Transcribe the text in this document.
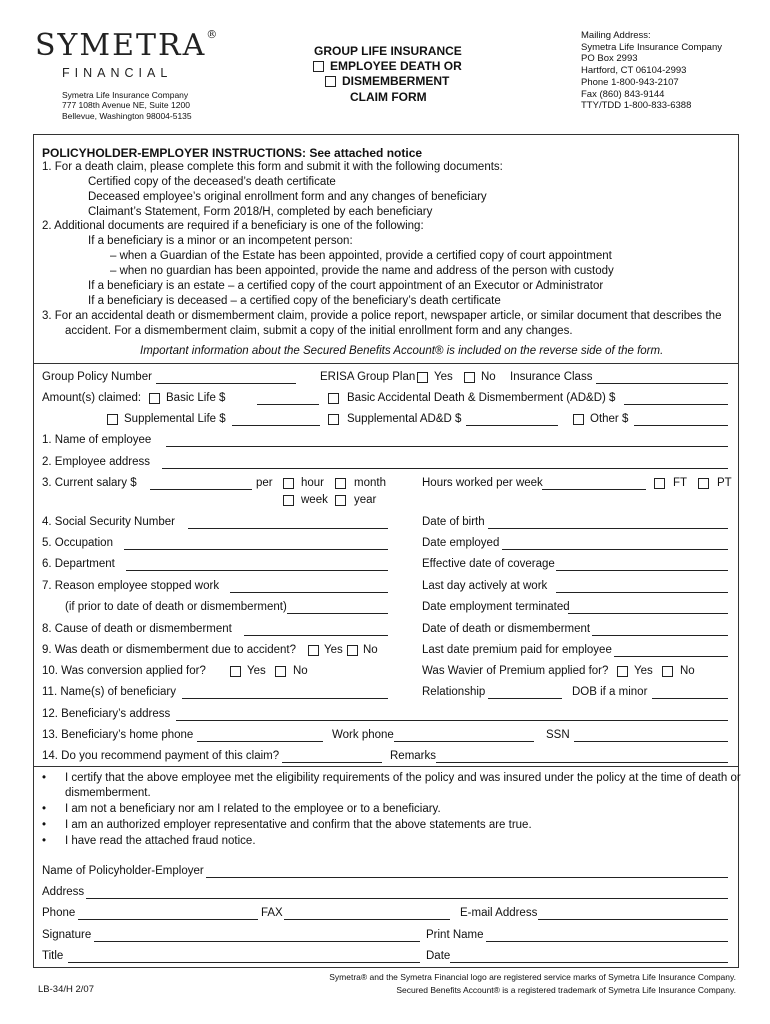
SYMETRA®
FINANCIAL
Symetra Life Insurance Company
777 108th Avenue NE, Suite 1200
Bellevue, Washington 98004-5135
GROUP LIFE INSURANCE
EMPLOYEE DEATH OR
DISMEMBERMENT
CLAIM FORM
Mailing Address:
Symetra Life Insurance Company
PO Box 2993
Hartford, CT 06104-2993
Phone 1-800-943-2107
Fax (860) 843-9144
TTY/TDD 1-800-833-6388
POLICYHOLDER-EMPLOYER INSTRUCTIONS: See attached notice
1. For a death claim, please complete this form and submit it with the following documents:
Certified copy of the deceased’s death certificate
Deceased employee’s original enrollment form and any changes of beneficiary
Claimant’s Statement, Form 2018/H, completed by each beneficiary
2. Additional documents are required if a beneficiary is one of the following:
If a beneficiary is a minor or an incompetent person:
– when a Guardian of the Estate has been appointed, provide a certified copy of court appointment
– when no guardian has been appointed, provide the name and address of the person with custody
If a beneficiary is an estate – a certified copy of the court appointment of an Executor or Administrator
If a beneficiary is deceased – a certified copy of the beneficiary’s death certificate
3. For an accidental death or dismemberment claim, provide a police report, newspaper article, or similar document that describes the
accident. For a dismemberment claim, submit a copy of the initial enrollment form and any changes.
Important information about the Secured Benefits Account® is included on the reverse side of the form.
Group Policy Number	ERISA Group Plan Yes No Insurance Class
Amount(s) claimed: Basic Life $	Basic Accidental Death & Dismemberment (AD&D) $
Supplemental Life $	Supplemental AD&D $	Other $
1. Name of employee
2. Employee address
3. Current salary $	per hour	month
week year
Hours worked per week	FT	PT
4. Social Security Number	Date of birth
5. Occupation	Date employed
6. Department	Effective date of coverage
7. Reason employee stopped work	Last day actively at work
(if prior to date of death or dismemberment)	Date employment terminated
8. Cause of death or dismemberment	Date of death or dismemberment
9. Was death or dismemberment due to accident? Yes No	Last date premium paid for employee
10. Was conversion applied for?	Yes No	Was Wavier of Premium applied for? Yes No
11. Name(s) of beneficiary	Relationship	DOB if a minor
12. Beneficiary’s address
13. Beneficiary’s home phone	Work phone	SSN
14. Do you recommend payment of this claim?	Remarks
• I certify that the above employee met the eligibility requirements of the policy and was insured under the policy at the time of death or
dismemberment.
• I am not a beneficiary nor am I related to the employee or to a beneficiary.
• I am an authorized employer representative and confirm that the above statements are true.
• I have read the attached fraud notice.
Name of Policyholder-Employer
Address
Phone	FAX	E-mail Address
Signature	Print Name
Title	Date
LB-34/H 2/07
Symetra® and the Symetra Financial logo are registered service marks of Symetra Life Insurance Company.
Secured Benefits Account® is a registered trademark of Symetra Life Insurance Company.
